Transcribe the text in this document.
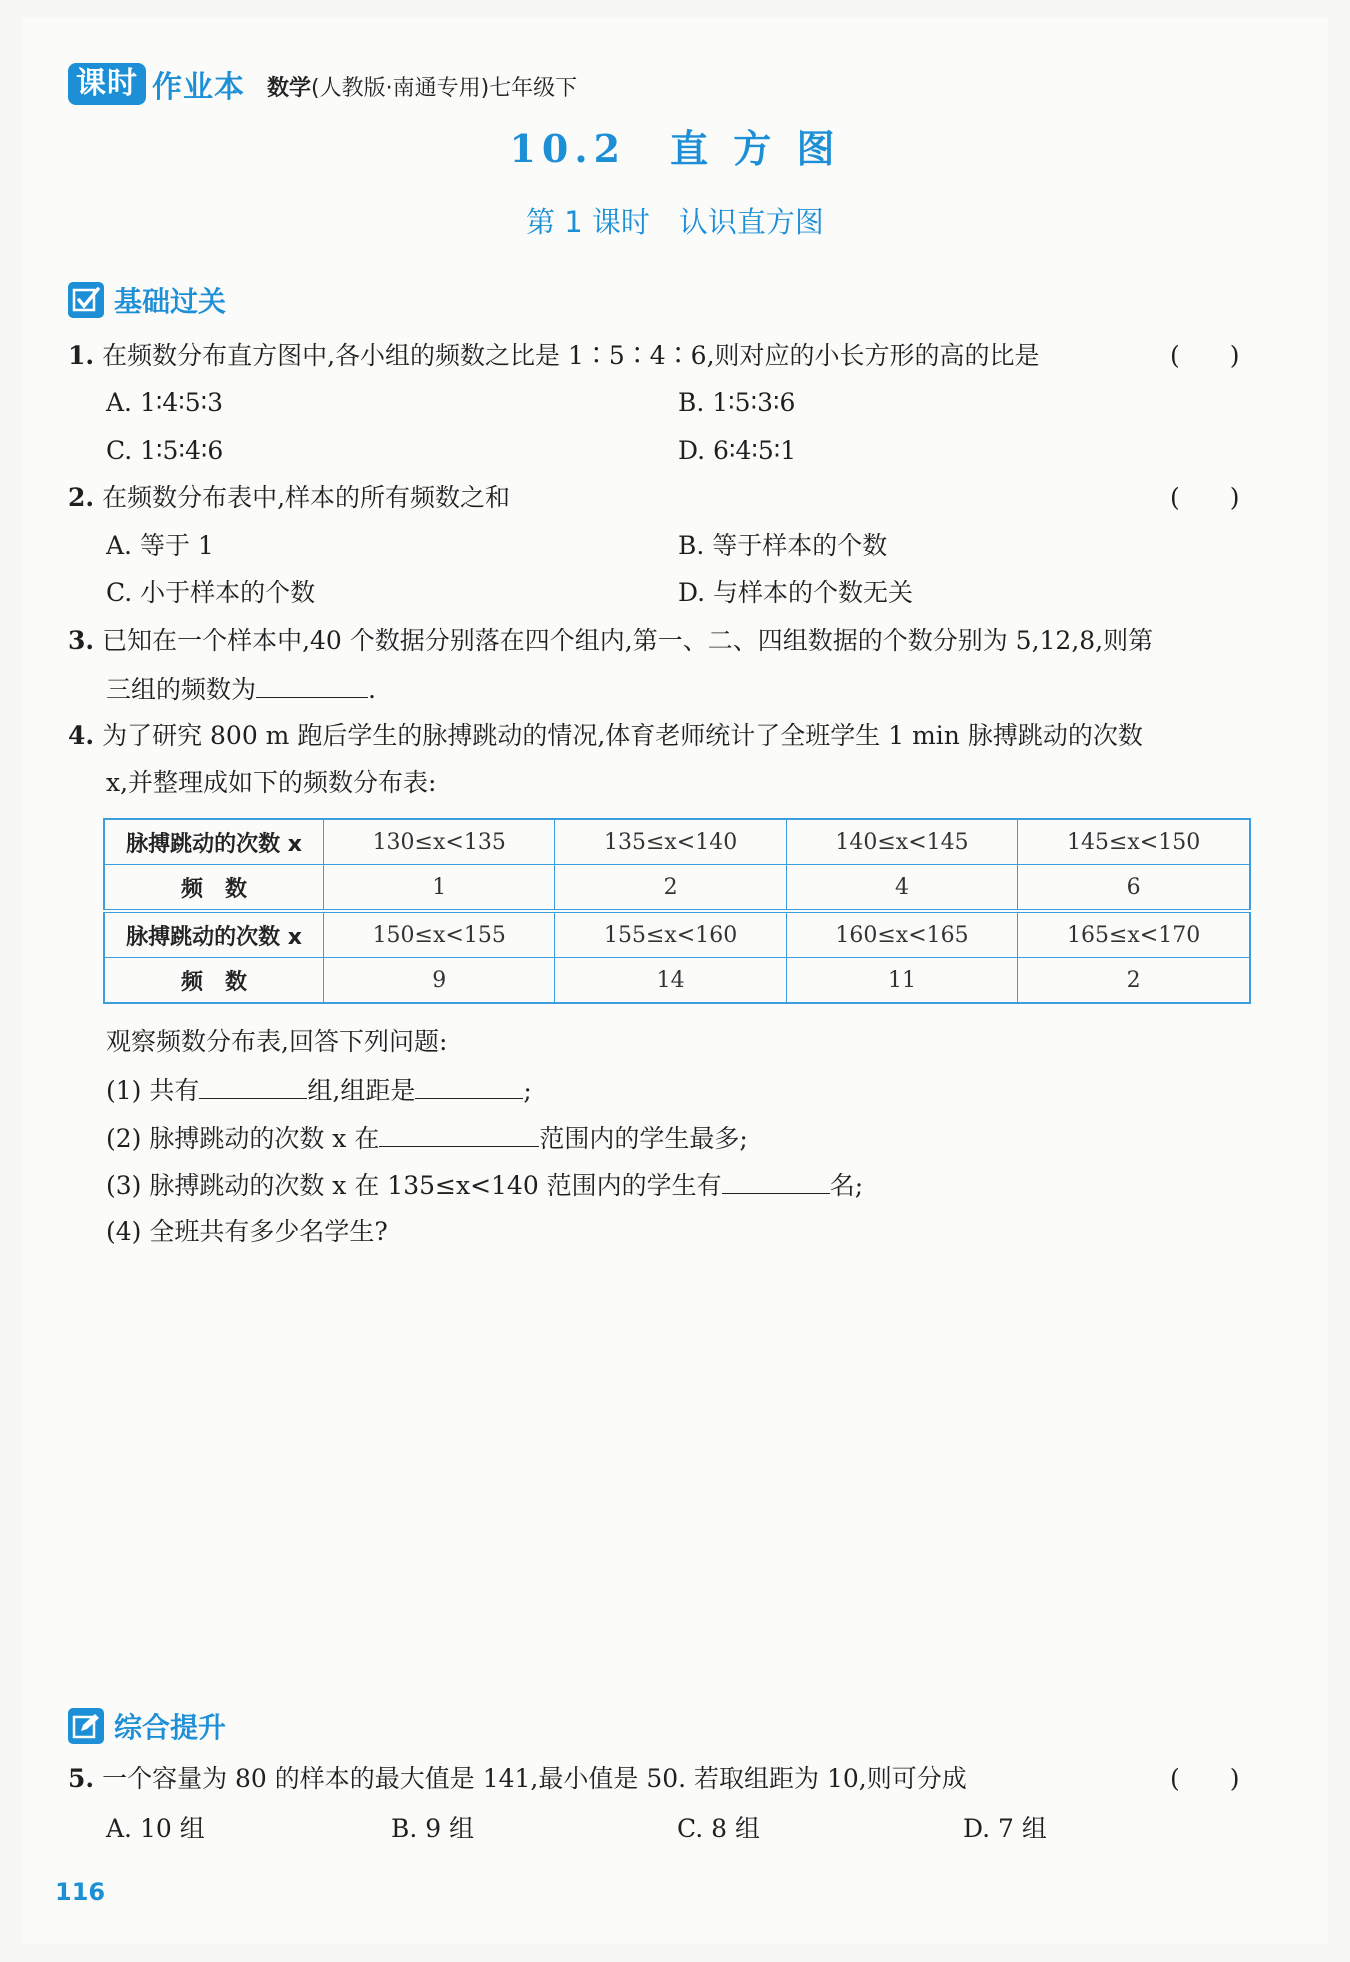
课时 作业本 数学(人教版·南通专用)七年级下
10.2　直 方 图
第 1 课时　认识直方图
基础过关
1. 在频数分布直方图中,各小组的频数之比是 1∶5∶4∶6,则对应的小长方形的高的比是	(　　)
A. 1∶4∶5∶3	B. 1∶5∶3∶6
C. 1∶5∶4∶6	D. 6∶4∶5∶1
2. 在频数分布表中,样本的所有频数之和	(　　)
A. 等于 1	B. 等于样本的个数
C. 小于样本的个数	D. 与样本的个数无关
3. 已知在一个样本中,40 个数据分别落在四个组内,第一、二、四组数据的个数分别为 5,12,8,则第
三组的频数为	.
4. 为了研究 800 m 跑后学生的脉搏跳动的情况,体育老师统计了全班学生 1 min 脉搏跳动的次数
x,并整理成如下的频数分布表:
脉搏跳动的次数 x	130≤x<135	135≤x<140	140≤x<145	145≤x<150
频　数	1	2	4	6
脉搏跳动的次数 x	150≤x<155	155≤x<160	160≤x<165	165≤x<170
频　数	9	14	11	2
观察频数分布表,回答下列问题:
(1) 共有	组,组距是	;
(2) 脉搏跳动的次数 x 在	范围内的学生最多;
(3) 脉搏跳动的次数 x 在 135≤x<140 范围内的学生有	名;
(4) 全班共有多少名学生?
综合提升
5. 一个容量为 80 的样本的最大值是 141,最小值是 50. 若取组距为 10,则可分成	(　　)
A. 10 组	B. 9 组	C. 8 组	D. 7 组
116
